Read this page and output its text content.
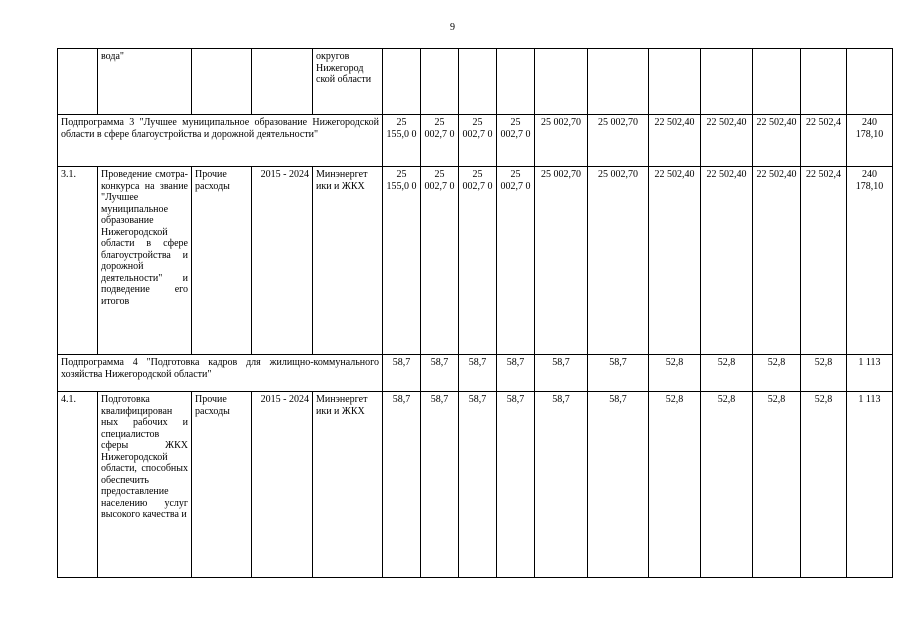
9
	вода"			округов Нижегород ской области											
Подпрограмма 3 "Лучшее муниципальное образование Нижегородской области в сфере благоустройства и дорожной деятельности"					25 155,0 0	25 002,7 0	25 002,7 0	25 002,7 0	25 002,70	25 002,70	22 502,40	22 502,40	22 502,40	22 502,4	240 178,10
3.1.	Проведение смотра-конкурса на звание "Лучшее муниципальное образование Нижегородской области в сфере благоустройства и дорожной деятельности" и подведение его итогов	Прочие расходы	2015 - 2024	Минэнергет ики и ЖКХ	25 155,0 0	25 002,7 0	25 002,7 0	25 002,7 0	25 002,70	25 002,70	22 502,40	22 502,40	22 502,40	22 502,4	240 178,10
Подпрограмма 4 "Подготовка кадров для жилищно-коммунального хозяйства Нижегородской области"					58,7	58,7	58,7	58,7	58,7	58,7	52,8	52,8	52,8	52,8	1 113
4.1.	Подготовка квалифицирован ных рабочих и специалистов сферы ЖКХ Нижегородской области, способных обеспечить предоставление населению услуг высокого качества и	Прочие расходы	2015 - 2024	Минэнергет ики и ЖКХ	58,7	58,7	58,7	58,7	58,7	58,7	52,8	52,8	52,8	52,8	1 113
